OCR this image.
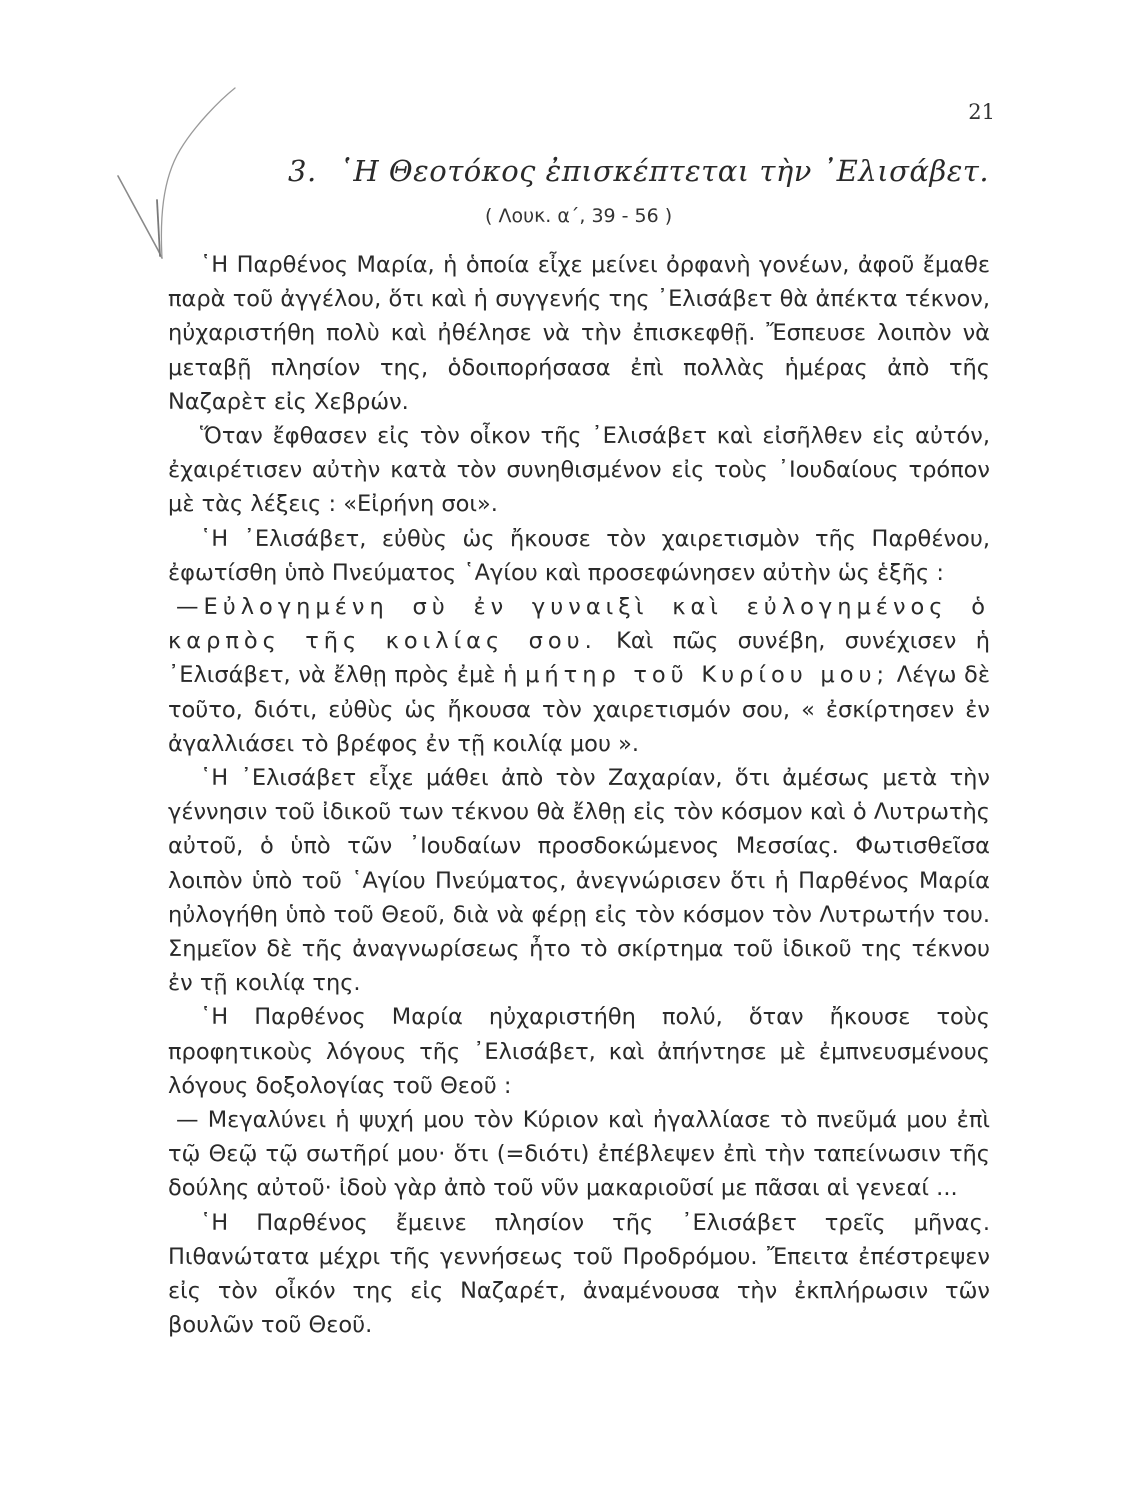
21
3. ῾Η Θεοτόκος ἐπισκέπτεται τὴν ᾿Ελισάβετ.
( Λουκ. α΄, 39 - 56 )

῾Η Παρθένος Μαρία, ἡ ὁποία εἶχε μείνει ὀρφανὴ γονέων, ἀφοῦ ἔμαθε παρὰ τοῦ ἀγγέλου, ὅτι καὶ ἡ συγγενής της ᾿Ελισάβετ θὰ ἀπέκτα τέκνον, ηὐχαριστήθη πολὺ καὶ ἠθέλησε νὰ τὴν ἐπισκεφθῇ. Ἔσπευσε λοιπὸν νὰ μεταβῇ πλησίον της, ὁδοιπορήσασα ἐπὶ πολλὰς ἡμέρας ἀπὸ τῆς Ναζαρὲτ εἰς Χεβρών.

Ὅταν ἔφθασεν εἰς τὸν οἶκον τῆς ᾿Ελισάβετ καὶ εἰσῆλθεν εἰς αὐτόν, ἐχαιρέτισεν αὐτὴν κατὰ τὸν συνηθισμένον εἰς τοὺς ᾿Ιουδαίους τρόπον μὲ τὰς λέξεις : «Εἰρήνη σοι».

῾Η ᾿Ελισάβετ, εὐθὺς ὡς ἤκουσε τὸν χαιρετισμὸν τῆς Παρθένου, ἐφωτίσθη ὑπὸ Πνεύματος ῾Αγίου καὶ προσεφώνησεν αὐτὴν ὡς ἑξῆς :

—Εὐλογημένη σὺ ἐν γυναιξὶ καὶ εὐλογημένος ὁ καρπὸς τῆς κοιλίας σου. Καὶ πῶς συνέβη, συνέχισεν ἡ ᾿Ελισάβετ, νὰ ἔλθῃ πρὸς ἐμὲ ἡ μήτηρ τοῦ Κυρίου μου; Λέγω δὲ τοῦτο, διότι, εὐθὺς ὡς ἤκουσα τὸν χαιρετισμόν σου, « ἐσκίρτησεν ἐν ἀγαλλιάσει τὸ βρέφος ἐν τῇ κοιλίᾳ μου ».

῾Η ᾿Ελισάβετ εἶχε μάθει ἀπὸ τὸν Ζαχαρίαν, ὅτι ἀμέσως μετὰ τὴν γέννησιν τοῦ ἰδικοῦ των τέκνου θὰ ἔλθῃ εἰς τὸν κόσμον καὶ ὁ Λυτρωτὴς αὐτοῦ, ὁ ὑπὸ τῶν ᾿Ιουδαίων προσδοκώμενος Μεσσίας. Φωτισθεῖσα λοιπὸν ὑπὸ τοῦ ῾Αγίου Πνεύματος, ἀνεγνώρισεν ὅτι ἡ Παρθένος Μαρία ηὐλογήθη ὑπὸ τοῦ Θεοῦ, διὰ νὰ φέρῃ εἰς τὸν κόσμον τὸν Λυτρωτήν του. Σημεῖον δὲ τῆς ἀναγνωρίσεως ἦτο τὸ σκίρτημα τοῦ ἰδικοῦ της τέκνου ἐν τῇ κοιλίᾳ της.

῾Η Παρθένος Μαρία ηὐχαριστήθη πολύ, ὅταν ἤκουσε τοὺς προφητικοὺς λόγους τῆς ᾿Ελισάβετ, καὶ ἀπήντησε μὲ ἐμπνευσμένους λόγους δοξολογίας τοῦ Θεοῦ :

— Μεγαλύνει ἡ ψυχή μου τὸν Κύριον καὶ ἠγαλλίασε τὸ πνεῦμά μου ἐπὶ τῷ Θεῷ τῷ σωτῆρί μου· ὅτι (=διότι) ἐπέβλεψεν ἐπὶ τὴν ταπείνωσιν τῆς δούλης αὐτοῦ· ἰδοὺ γὰρ ἀπὸ τοῦ νῦν μακαριοῦσί με πᾶσαι αἱ γενεαί ...

῾Η Παρθένος ἔμεινε πλησίον τῆς ᾿Ελισάβετ τρεῖς μῆνας. Πιθανώτατα μέχρι τῆς γεννήσεως τοῦ Προδρόμου. Ἔπειτα ἐπέστρεψεν εἰς τὸν οἶκόν της εἰς Ναζαρέτ, ἀναμένουσα τὴν ἐκπλήρωσιν τῶν βουλῶν τοῦ Θεοῦ.
